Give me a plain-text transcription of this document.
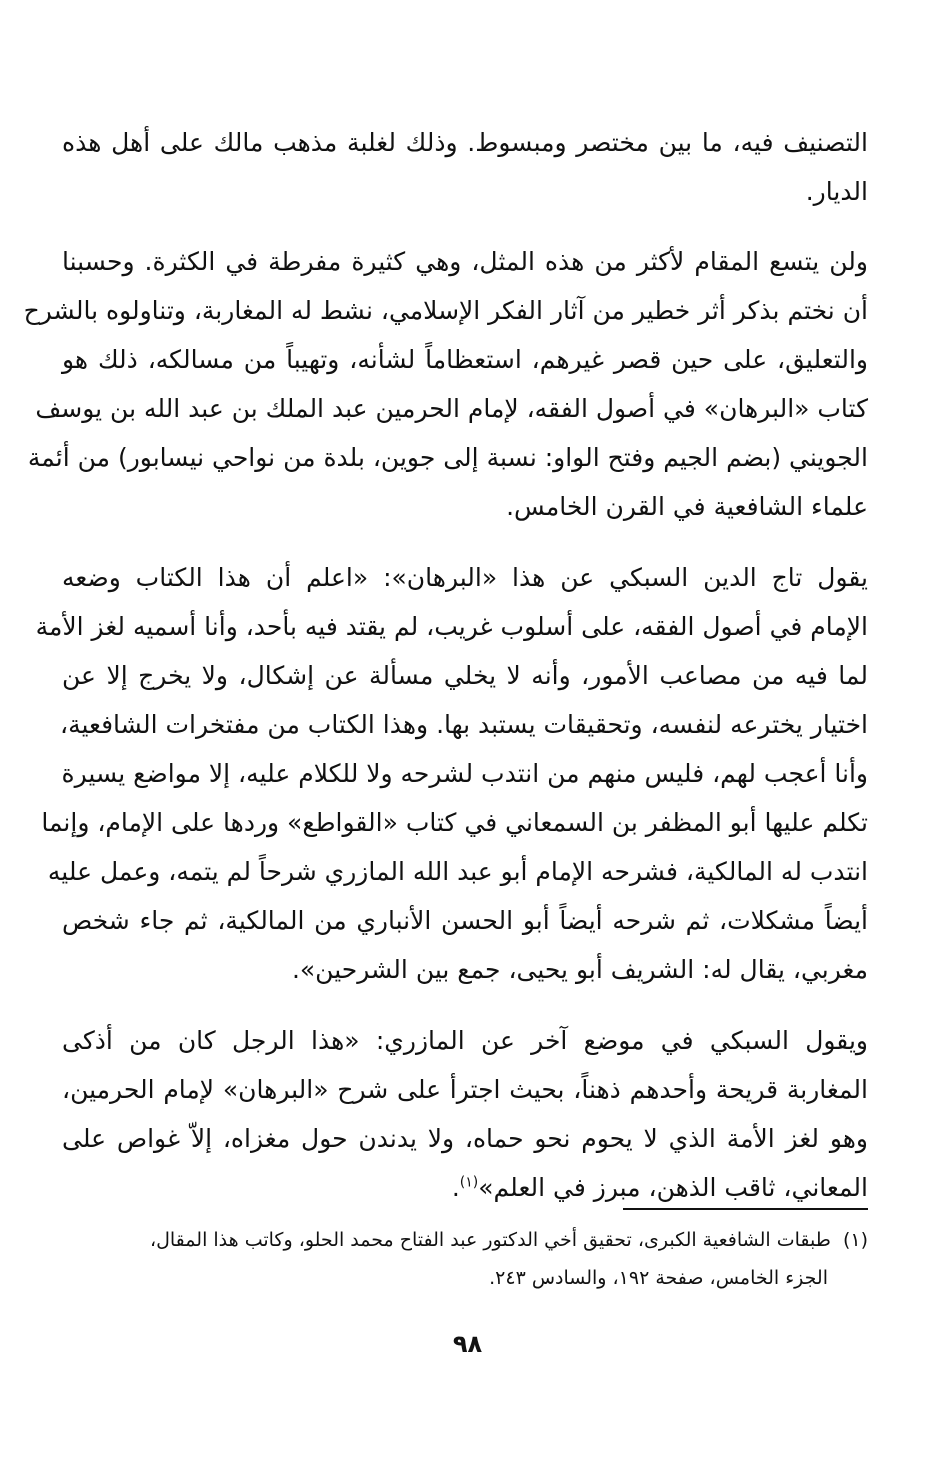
التصنيف فيه، ما بين مختصر ومبسوط. وذلك لغلبة مذهب مالك على أهل هذه
الديار.

ولن يتسع المقام لأكثر من هذه المثل، وهي كثيرة مفرطة في الكثرة. وحسبنا
أن نختم بذكر أثر خطير من آثار الفكر الإسلامي، نشط له المغاربة، وتناولوه بالشرح
والتعليق، على حين قصر غيرهم، استعظاماً لشأنه، وتهيباً من مسالكه، ذلك هو
كتاب «البرهان» في أصول الفقه، لإمام الحرمين عبد الملك بن عبد الله بن يوسف
الجويني (بضم الجيم وفتح الواو: نسبة إلى جوين، بلدة من نواحي نيسابور) من أئمة
علماء الشافعية في القرن الخامس.

يقول تاج الدين السبكي عن هذا «البرهان»: «اعلم أن هذا الكتاب وضعه
الإمام في أصول الفقه، على أسلوب غريب، لم يقتد فيه بأحد، وأنا أسميه لغز الأمة
لما فيه من مصاعب الأمور، وأنه لا يخلي مسألة عن إشكال، ولا يخرج إلا عن
اختيار يخترعه لنفسه، وتحقيقات يستبد بها. وهذا الكتاب من مفتخرات الشافعية،
وأنا أعجب لهم، فليس منهم من انتدب لشرحه ولا للكلام عليه، إلا مواضع يسيرة
تكلم عليها أبو المظفر بن السمعاني في كتاب «القواطع» وردها على الإمام، وإنما
انتدب له المالكية، فشرحه الإمام أبو عبد الله المازري شرحاً لم يتمه، وعمل عليه
أيضاً مشكلات، ثم شرحه أيضاً أبو الحسن الأنباري من المالكية، ثم جاء شخص
مغربي، يقال له: الشريف أبو يحيى، جمع بين الشرحين».

ويقول السبكي في موضع آخر عن المازري: «هذا الرجل كان من أذكى
المغاربة قريحة وأحدهم ذهناً، بحيث اجترأ على شرح «البرهان» لإمام الحرمين،
وهو لغز الأمة الذي لا يحوم نحو حماه، ولا يدندن حول مغزاه، إلاّ غواص على
المعاني، ثاقب الذهن، مبرز في العلم»$^{(١)}$.

(١)  طبقات الشافعية الكبرى، تحقيق أخي الدكتور عبد الفتاح محمد الحلو، وكاتب هذا المقال،
الجزء الخامس، صفحة ١٩٢، والسادس ٢٤٣.
٩٨
